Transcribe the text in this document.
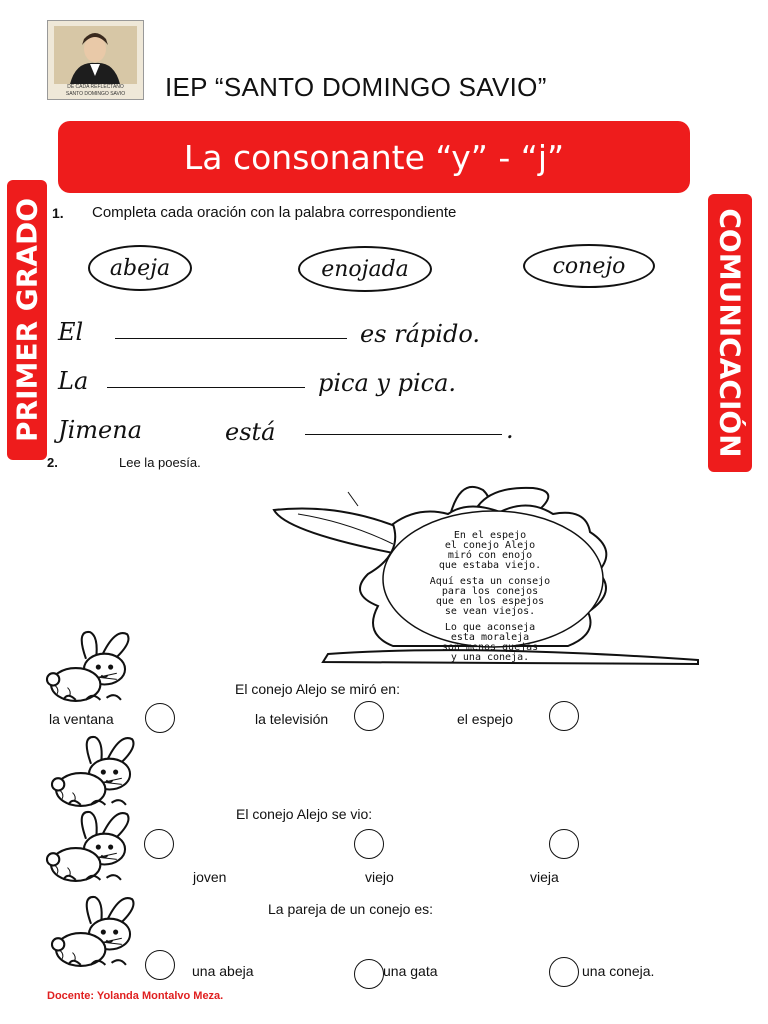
DE CADA REFLECTANO
SANTO DOMINGO SAVIO	IEP “SANTO DOMINGO SAVIO”
La consonante “y” - “j”
PRIMER GRADO	COMUNICACIÓN
1. Completa cada oración con la palabra correspondiente
abeja	enojada	conejo
El	es rápido.
La	pica y pica.
Jimena	está	.
2.	Lee la poesía.
En el espejo
el conejo Alejo
miró con enojo
que estaba viejo.
Aquí esta un consejo
para los conejos
que en los espejos
se vean viejos.
Lo que aconseja
esta moraleja
son menos quejas
y una coneja.
El conejo Alejo se miró en:
la ventana	la televisión	el espejo
El conejo Alejo se vio:
joven	viejo	vieja
La pareja de un conejo es:
una abeja	una gata	una coneja.
Docente: Yolanda Montalvo Meza.
